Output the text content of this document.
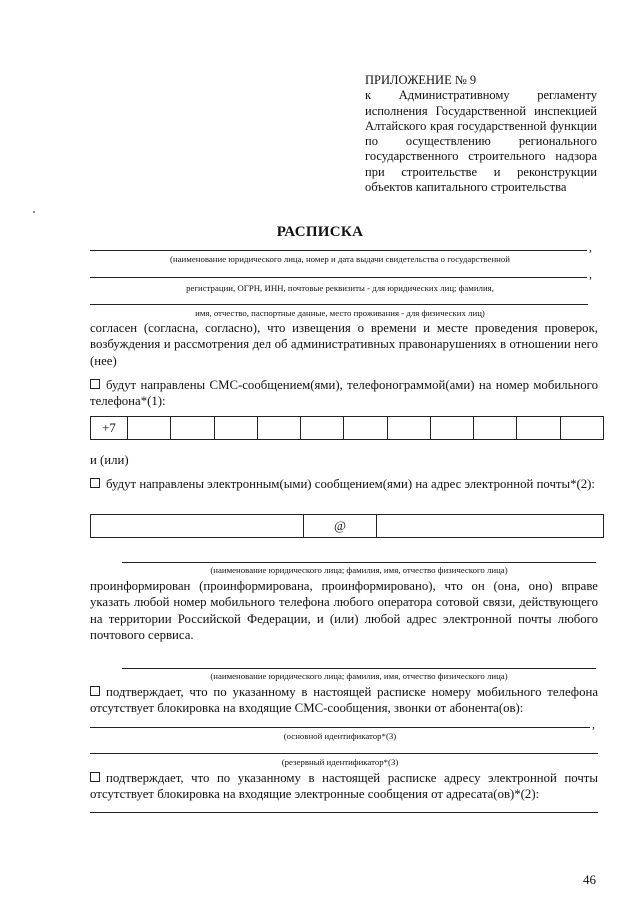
ПРИЛОЖЕНИЕ № 9
к Административному регламенту исполнения Государственной инспекцией Алтайского края государственной функции по осуществлению регионального государственного строительного надзора при строительстве и реконструкции объектов капитального строительства
РАСПИСКА
,
(наименование юридического лица, номер и дата выдачи свидетельства о государственной
,
регистрации, ОГРН, ИНН, почтовые реквизиты - для юридических лиц; фамилия,
имя, отчество, паспортные данные, место проживания - для физических лиц)
согласен (согласна, согласно), что извещения о времени и месте проведения проверок, возбуждения и рассмотрения дел об административных правонарушениях в отношении него (нее)
будут направлены СМС-сообщением(ями), телефонограммой(ами) на номер мобильного телефона*(1):
+7											
и (или)
будут направлены электронным(ыми) сообщением(ями) на адрес электронной почты*(2):
	@	
(наименование юридического лица; фамилия, имя, отчество физического лица)
проинформирован (проинформирована, проинформировано), что он (она, оно) вправе указать любой номер мобильного телефона любого оператора сотовой связи, действующего на территории Российской Федерации, и (или) любой адрес электронной почты любого почтового сервиса.
(наименование юридического лица; фамилия, имя, отчество физического лица)
подтверждает, что по указанному в настоящей расписке номеру мобильного телефона отсутствует блокировка на входящие СМС-сообщения, звонки от абонента(ов):
,
(основной идентификатор*(3)
(резервный идентификатор*(3)
подтверждает, что по указанному в настоящей расписке адресу электронной почты отсутствует блокировка на входящие электронные сообщения от адресата(ов)*(2):
46
